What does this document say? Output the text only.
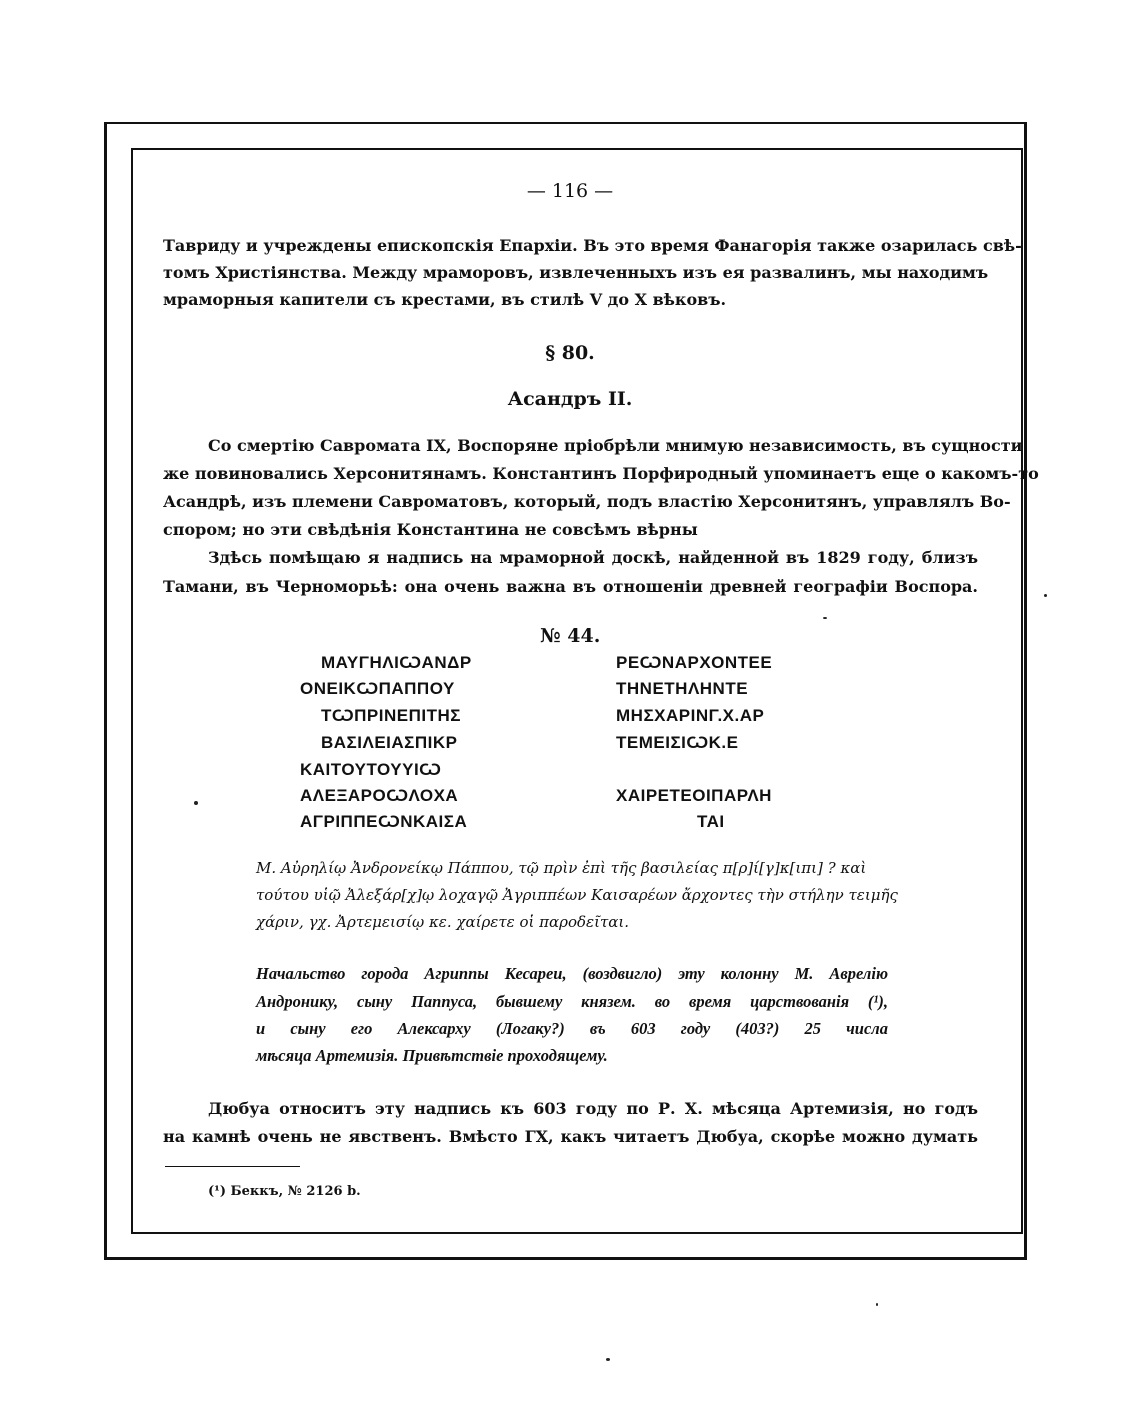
— 116 —
Тавриду и учреждены епископскія Епархіи. Въ это время Фанагорія также озарилась свѣ-
томъ Христіянства. Между мраморовъ, извлеченныхъ изъ ея развалинъ, мы находимъ
мраморныя капители съ крестами, въ стилѣ V до X вѣковъ.
§ 80.
Асандръ II.
Со смертію Савромата IX, Воспоряне пріобрѣли мнимую независимость, въ сущности
же повиновались Херсонитянамъ. Константинъ Порфиродный упоминаетъ еще о какомъ-то
Асандрѣ, изъ племени Савроматовъ, который, подъ властію Херсонитянъ, управлялъ Во-
спором; но эти свѣдѣнія Константина не совсѣмъ вѣрны
Здѣсь помѣщаю я надпись на мраморной доскѣ, найденной въ 1829 году, близъ
Тамани, въ Черноморьѣ: она очень важна въ отношеніи древней географіи Воспора.
№ 44.
ΜΑΥΓΗΛΙѠΑΝΔΡ
ΟΝΕΙΚѠΠΑΠΠΟΥ
ΤѠΠΡΙΝΕΠΙΤΗΣ
ΒΑΣΙΛΕΙΑΣΠΙΚΡ
ΚΑΙΤΟΥΤΟΥΥΙѠ
ΑΛΕΞΑΡΟѠΛΟΧΑ
ΑΓΡΙΠΠΕѠΝΚΑΙΣΑ
ΡΕѠΝΑΡΧΟΝΤΕΕ
ΤΗΝΕΤΗΛΗΝΤΕ
ΜΗΣΧΑΡΙΝΓ.Χ.ΑΡ
ΤΕΜΕΙΣΙѠΚ.Ε
ΧΑΙΡΕΤΕΟΙΠΑΡΛΗ
ΤΑΙ
Μ. Αὐρηλίῳ Ἀνδρονείκῳ Πάππου, τῷ πρὶν ἐπὶ τῆς βασιλείας π[ρ]ί[γ]κ[ιπι] ? καὶ
τούτου υἱῷ Ἀλεξάρ[χ]ῳ λοχαγῷ Ἀγριππέων Καισαρέων ἄρχοντες τὴν στήλην τειμῆς
χάριν, γχ. Ἀρτεμεισίῳ κε. χαίρετε οἱ παροδεῖται.
Начальство города Агриппы Кесареи, (воздвигло) эту колонну М. Аврелію
Андронику, сыну Паппуса, бывшему князем. во время царствованія (¹),
и сыну его Алексарху (Логаку?) въ 603 году (403?) 25 числа
мѣсяца Артемизія. Привѣтствіе проходящему.
Дюбуа относитъ эту надпись къ 603 году по Р. Х. мѣсяца Артемизія, но годъ
на камнѣ очень не явственъ. Вмѣсто ГХ, какъ читаетъ Дюбуа, скорѣе можно думать
(¹) Беккъ, № 2126 b.
